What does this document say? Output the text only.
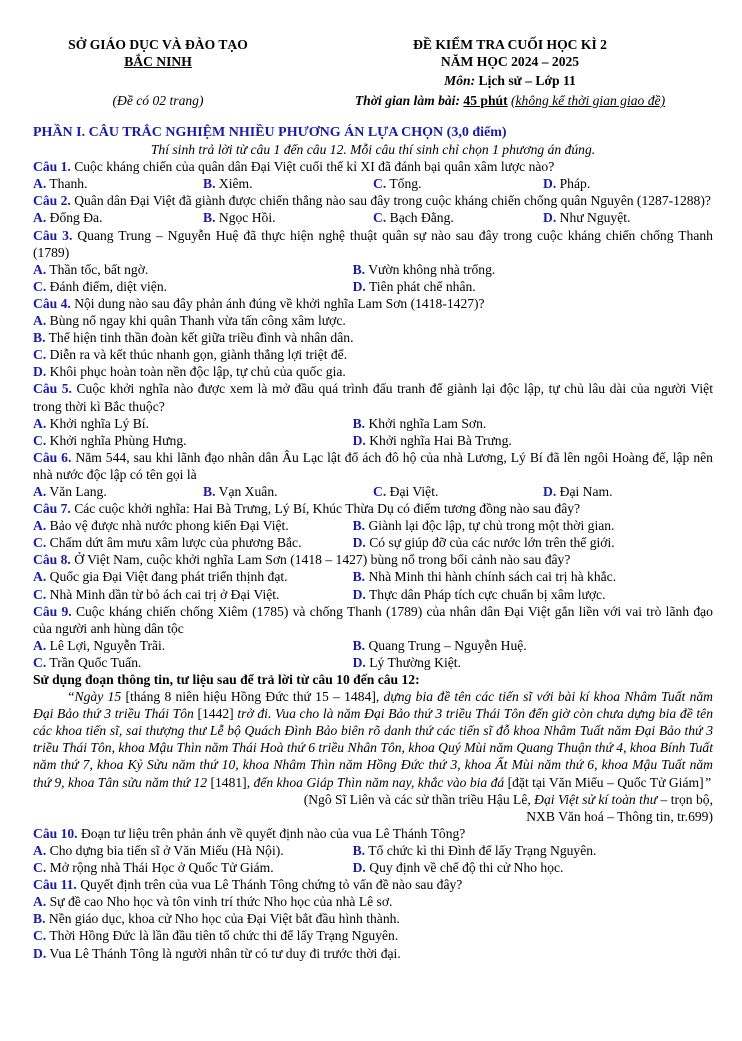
SỞ GIÁO DỤC VÀ ĐÀO TẠO
BẮC NINH
(Đề có 02 trang)
ĐỀ KIỂM TRA CUỐI HỌC KÌ 2
NĂM HỌC 2024 – 2025
Môn: Lịch sử – Lớp 11
Thời gian làm bài: 45 phút (không kể thời gian giao đề)

PHẦN I. CÂU TRẮC NGHIỆM NHIỀU PHƯƠNG ÁN LỰA CHỌN (3,0 điểm)

Thí sinh trả lời từ câu 1 đến câu 12. Mỗi câu thí sinh chỉ chọn 1 phương án đúng.

Câu 1. Cuộc kháng chiến của quân dân Đại Việt cuối thế kỉ XI đã đánh bại quân xâm lược nào?

A. Thanh.	B. Xiêm.	C. Tống.	D. Pháp.

Câu 2. Quân dân Đại Việt đã giành được chiến thắng nào sau đây trong cuộc kháng chiến chống quân Nguyên (1287-1288)?

A. Đống Đa.	B. Ngọc Hồi.	C. Bạch Đằng.	D. Như Nguyệt.

Câu 3. Quang Trung – Nguyễn Huệ đã thực hiện nghệ thuật quân sự nào sau đây trong cuộc kháng chiến chống Thanh (1789)

A. Thần tốc, bất ngờ.	B. Vườn không nhà trống.
C. Đánh điểm, diệt viện.	D. Tiên phát chế nhân.

Câu 4. Nội dung nào sau đây phản ánh đúng về khởi nghĩa Lam Sơn (1418-1427)?

A. Bùng nổ ngay khi quân Thanh vừa tấn công xâm lược.

B. Thể hiện tinh thần đoàn kết giữa triều đình và nhân dân.

C. Diễn ra và kết thúc nhanh gọn, giành thắng lợi triệt để.

D. Khôi phục hoàn toàn nền độc lập, tự chủ của quốc gia.

Câu 5. Cuộc khởi nghĩa nào được xem là mở đầu quá trình đấu tranh để giành lại độc lập, tự chủ lâu dài của người Việt trong thời kì Bắc thuộc?

A. Khởi nghĩa Lý Bí.	B. Khởi nghĩa Lam Sơn.
C. Khởi nghĩa Phùng Hưng.	D. Khởi nghĩa Hai Bà Trưng.

Câu 6. Năm 544, sau khi lãnh đạo nhân dân Âu Lạc lật đổ ách đô hộ của nhà Lương, Lý Bí đã lên ngôi Hoàng đế, lập nên nhà nước độc lập có tên gọi là

A. Văn Lang.	B. Vạn Xuân.	C. Đại Việt.	D. Đại Nam.

Câu 7. Các cuộc khởi nghĩa: Hai Bà Trưng, Lý Bí, Khúc Thừa Dụ có điểm tương đồng nào sau đây?

A. Bảo vệ được nhà nước phong kiến Đại Việt.	B. Giành lại độc lập, tự chủ trong một thời gian.
C. Chấm dứt âm mưu xâm lược của phương Bắc.	D. Có sự giúp đỡ của các nước lớn trên thế giới.

Câu 8. Ở Việt Nam, cuộc khởi nghĩa Lam Sơn (1418 – 1427) bùng nổ trong bối cảnh nào sau đây?

A. Quốc gia Đại Việt đang phát triển thịnh đạt.	B. Nhà Minh thi hành chính sách cai trị hà khắc.
C. Nhà Minh dần từ bỏ ách cai trị ở Đại Việt.	D. Thực dân Pháp tích cực chuẩn bị xâm lược.

Câu 9. Cuộc kháng chiến chống Xiêm (1785) và chống Thanh (1789) của nhân dân Đại Việt gắn liền với vai trò lãnh đạo của người anh hùng dân tộc

A. Lê Lợi, Nguyễn Trãi.	B. Quang Trung – Nguyễn Huệ.
C. Trần Quốc Tuấn.	D. Lý Thường Kiệt.

Sử dụng đoạn thông tin, tư liệu sau để trả lời từ câu 10 đến câu 12:

“Ngày 15 [tháng 8 niên hiệu Hồng Đức thứ 15 – 1484], dựng bia đề tên các tiến sĩ với bài kí khoa Nhâm Tuất năm Đại Bảo thứ 3 triều Thái Tôn [1442] trở đi. Vua cho là năm Đại Bảo thứ 3 triều Thái Tôn đến giờ còn chưa dựng bia đề tên các khoa tiến sĩ, sai thượng thư Lễ bộ Quách Đình Bảo biên rõ danh thứ các tiến sĩ đỗ khoa Nhâm Tuất năm Đại Bảo thứ 3 triều Thái Tôn, khoa Mậu Thìn năm Thái Hoà thứ 6 triều Nhân Tôn, khoa Quý Mùi năm Quang Thuận thứ 4, khoa Bính Tuất năm thứ 7, khoa Kỷ Sửu năm thứ 10, khoa Nhâm Thìn năm Hồng Đức thứ 3, khoa Ất Mùi năm thứ 6, khoa Mậu Tuất năm thứ 9, khoa Tân sửu năm thứ 12 [1481], đến khoa Giáp Thìn năm nay, khắc vào bia đá [đặt tại Văn Miếu – Quốc Tử Giám]”

(Ngô Sĩ Liên và các sử thần triều Hậu Lê, Đại Việt sử kí toàn thư – trọn bộ,

NXB Văn hoá – Thông tin, tr.699)

Câu 10. Đoạn tư liệu trên phản ánh về quyết định nào của vua Lê Thánh Tông?

A. Cho dựng bia tiến sĩ ở Văn Miếu (Hà Nội).	B. Tổ chức kì thi Đình để lấy Trạng Nguyên.
C. Mở rộng nhà Thái Học ở Quốc Tử Giám.	D. Quy định về chế độ thi cử Nho học.

Câu 11. Quyết định trên của vua Lê Thánh Tông chứng tỏ vấn đề nào sau đây?

A. Sự đề cao Nho học và tôn vinh trí thức Nho học của nhà Lê sơ.

B. Nền giáo dục, khoa cử Nho học của Đại Việt bắt đầu hình thành.

C. Thời Hồng Đức là lần đầu tiên tổ chức thi để lấy Trạng Nguyên.

D. Vua Lê Thánh Tông là người nhân từ có tư duy đi trước thời đại.
